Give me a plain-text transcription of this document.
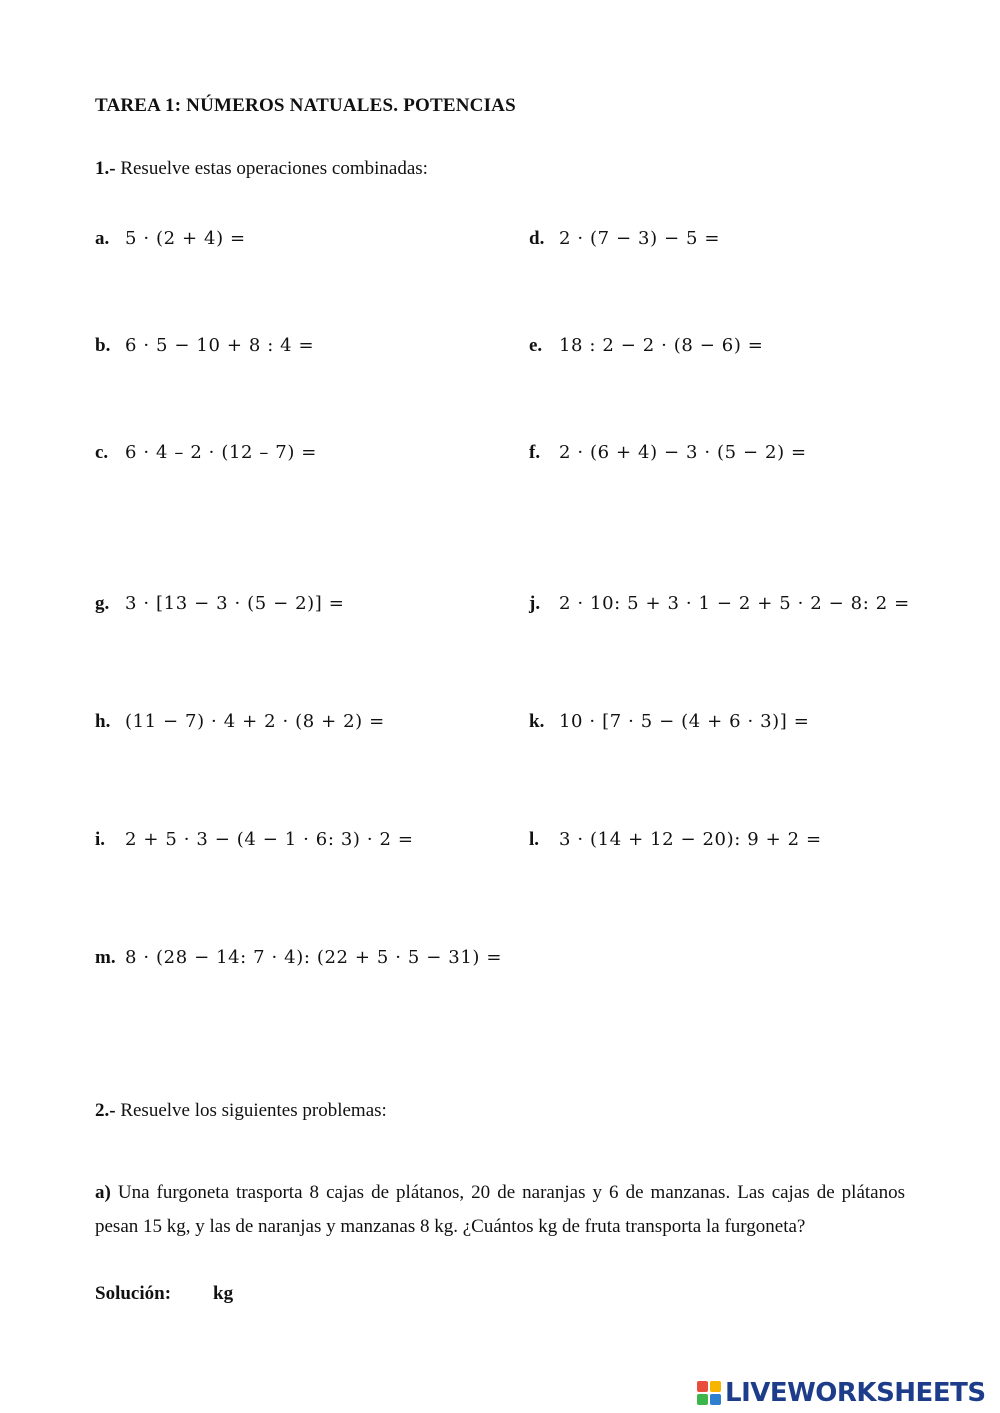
TAREA 1: NÚMEROS NATUALES. POTENCIAS
1.- Resuelve estas operaciones combinadas:
a. 5 · (2 + 4) =	d. 2 · (7 − 3) − 5 =
b. 6 · 5 − 10 + 8 : 4 =	e. 18 : 2 − 2 · (8 − 6) =
c. 6 · 4 – 2 · (12 – 7) =	f. 2 · (6 + 4) − 3 · (5 − 2) =
g. 3 · [13 − 3 · (5 − 2)] =	j. 2 · 10: 5 + 3 · 1 − 2 + 5 · 2 − 8: 2 =
h. (11 − 7) · 4 + 2 · (8 + 2) =	k. 10 · [7 · 5 − (4 + 6 · 3)] =
i. 2 + 5 · 3 − (4 − 1 · 6: 3) · 2 =	l. 3 · (14 + 12 − 20): 9 + 2 =
m. 8 · (28 − 14: 7 · 4): (22 + 5 · 5 − 31) =
2.- Resuelve los siguientes problemas:
a) Una furgoneta trasporta 8 cajas de plátanos, 20 de naranjas y 6 de manzanas. Las cajas de plátanos pesan 15 kg, y las de naranjas y manzanas 8 kg. ¿Cuántos kg de fruta transporta la furgoneta?
Solución: kg
LIVEWORKSHEETS
